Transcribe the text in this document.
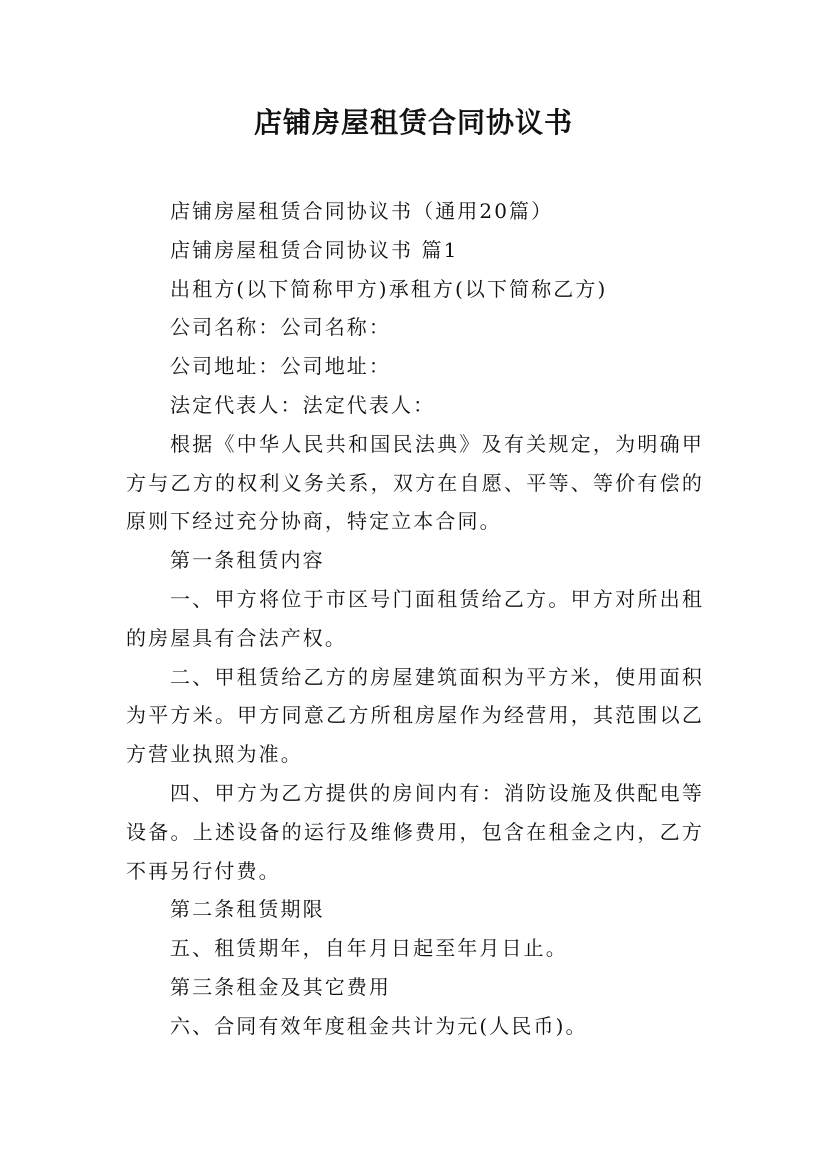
店铺房屋租赁合同协议书

店铺房屋租赁合同协议书（通用20篇）

店铺房屋租赁合同协议书 篇1

出租方(以下简称甲方)承租方(以下简称乙方)

公司名称：公司名称：

公司地址：公司地址：

法定代表人：法定代表人：

根据《中华人民共和国民法典》及有关规定，为明确甲方与乙方的权利义务关系，双方在自愿、平等、等价有偿的原则下经过充分协商，特定立本合同。

第一条租赁内容

一、甲方将位于市区号门面租赁给乙方。甲方对所出租的房屋具有合法产权。

二、甲租赁给乙方的房屋建筑面积为平方米，使用面积为平方米。甲方同意乙方所租房屋作为经营用，其范围以乙方营业执照为准。

四、甲方为乙方提供的房间内有：消防设施及供配电等设备。上述设备的运行及维修费用，包含在租金之内，乙方不再另行付费。

第二条租赁期限

五、租赁期年，自年月日起至年月日止。

第三条租金及其它费用

六、合同有效年度租金共计为元(人民币)。
